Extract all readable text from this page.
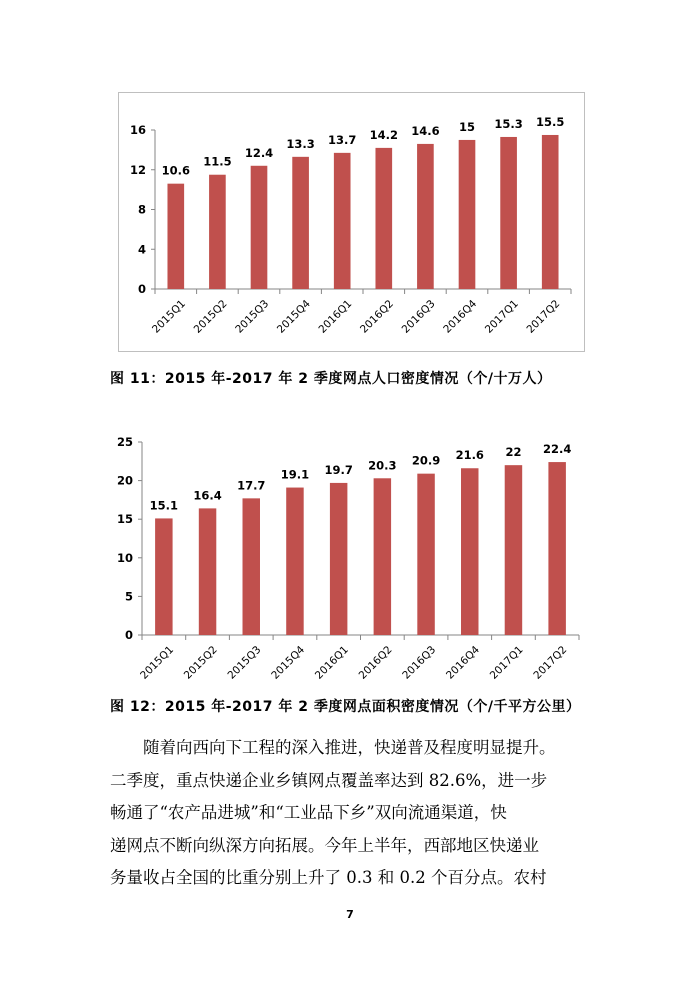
0
4
8
12
16
10.6
2015Q1
11.5
2015Q2
12.4
2015Q3
13.3
2015Q4
13.7
2016Q1
14.2
2016Q2
14.6
2016Q3
15
2016Q4
15.3
2017Q1
15.5
2017Q2
图 11：2015 年-2017 年 2 季度网点人口密度情况（个/十万人）
0
5
10
15
20
25
15.1
2015Q1
16.4
2015Q2
17.7
2015Q3
19.1
2015Q4
19.7
2016Q1
20.3
2016Q2
20.9
2016Q3
21.6
2016Q4
22
2017Q1
22.4
2017Q2
图 12：2015 年-2017 年 2 季度网点面积密度情况（个/千平方公里）
随着向西向下工程的深入推进，快递普及程度明显提升。
二季度，重点快递企业乡镇网点覆盖率达到 82.6%，进一步
畅通了“农产品进城”和“工业品下乡”双向流通渠道，快
递网点不断向纵深方向拓展。今年上半年，西部地区快递业
务量收占全国的比重分别上升了 0.3 和 0.2 个百分点。农村
7
